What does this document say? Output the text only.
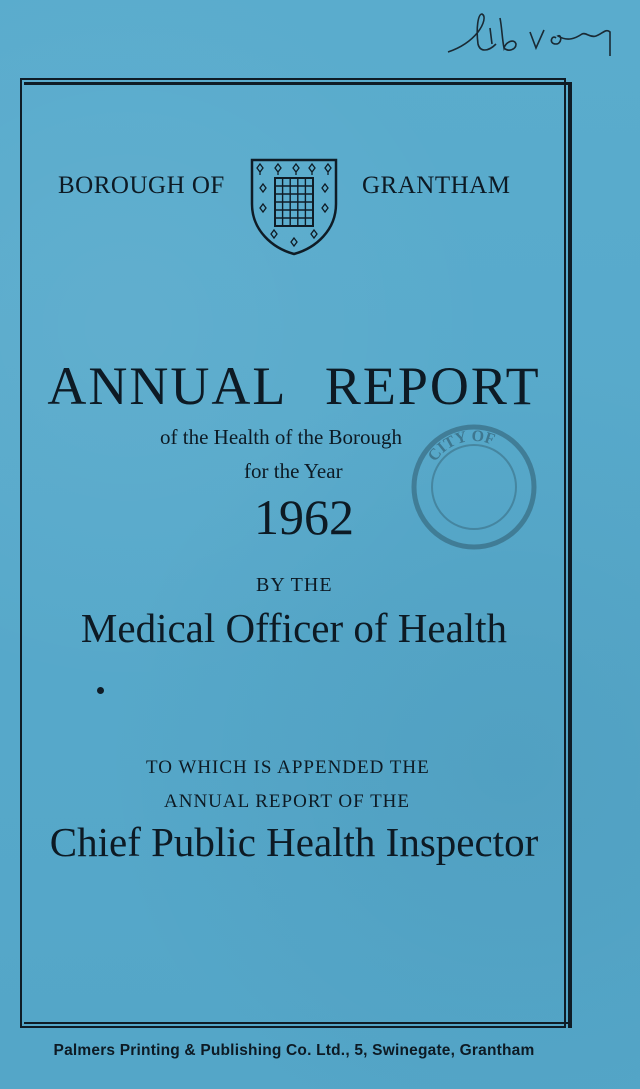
BOROUGH OF	GRANTHAM
ANNUAL REPORT
of the Health of the Borough
for the Year
1962
CITY OF
BY THE
Medical Officer of Health
TO WHICH IS APPENDED THE
ANNUAL REPORT OF THE
Chief Public Health Inspector
Palmers Printing & Publishing Co. Ltd., 5, Swinegate, Grantham
